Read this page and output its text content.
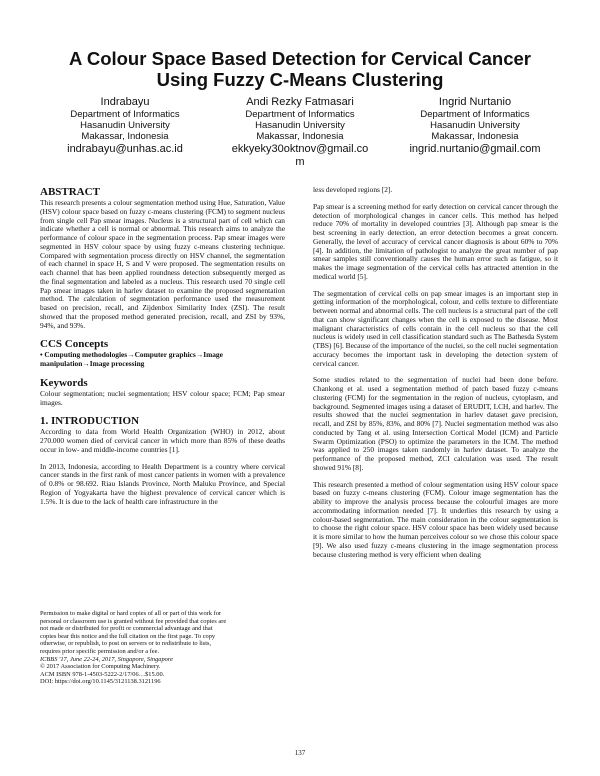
A Colour Space Based Detection for Cervical Cancer
Using Fuzzy C-Means Clustering
Indrabayu
Department of Informatics
Hasanudin University
Makassar, Indonesia
indrabayu@unhas.ac.id
Andi Rezky Fatmasari
Department of Informatics
Hasanudin University
Makassar, Indonesia
ekkyeky30oktnov@gmail.co
m
Ingrid Nurtanio
Department of Informatics
Hasanudin University
Makassar, Indonesia
ingrid.nurtanio@gmail.com
ABSTRACT

This research presents a colour segmentation method using Hue, Saturation, Value (HSV) colour space based on fuzzy c-means clustering (FCM) to segment nucleus from single cell Pap smear images. Nucleus is a structural part of cell which can indicate whether a cell is normal or abnormal. This research aims to analyze the performance of colour space in the segmentation process. Pap smear images were segmented in HSV colour space by using fuzzy c-means clustering technique. Compared with segmentation process directly on HSV channel, the segmentation of each channel in space H, S and V were proposed. The segmentation results on each channel that has been applied roundness detection subsequently merged as the final segmentation and labeled as a nucleus. This research used 70 single cell Pap smear images taken in harlev dataset to examine the proposed segmentation method. The calculation of segmentation performance used the measurement based on precision, recall, and Zijdenbox Similarity Index (ZSI). The result showed that the proposed method generated precision, recall, and ZSI by 93%, 94%, and 93%.

CCS Concepts

• Computing methodologies→Computer graphics→Image manipulation→Image processing

Keywords

Colour segmentation; nuclei segmentation; HSV colour space; FCM; Pap smear images.

1. INTRODUCTION

According to data from World Health Organization (WHO) in 2012, about 270.000 women died of cervical cancer in which more than 85% of these deaths occur in low- and middle-income countries [1].

In 2013, Indonesia, according to Health Department is a country where cervical cancer stands in the first rank of most cancer patients in women with a prevalence of 0.8% or 98.692. Riau Islands Province, North Maluku Province, and Special Region of Yogyakarta have the highest prevalence of cervical cancer which is 1.5%. It is due to the lack of health care infrastructure in the

Permission to make digital or hard copies of all or part of this work for
personal or classroom use is granted without fee provided that copies are
not made or distributed for profit or commercial advantage and that
copies bear this notice and the full citation on the first page. To copy
otherwise, or republish, to post on servers or to redistribute to lists,
requires prior specific permission and/or a fee.
ICBBS '17, June 22-24, 2017, Singapore, Singapore
© 2017 Association for Computing Machinery.
ACM ISBN 978-1-4503-5222-2/17/06…$15.00.
DOI: https://doi.org/10.1145/3121138.3121196

less developed regions [2].

Pap smear is a screening method for early detection on cervical cancer through the detection of morphological changes in cancer cells. This method has helped reduce 70% of mortality in developed countries [3]. Although pap smear is the best screening in early detection, an error detection becomes a great concern. Generally, the level of accuracy of cervical cancer diagnosis is about 60% to 70% [4]. In addition, the limitation of pathologist to analyze the great number of pap smear samples still conventionally causes the human error such as fatigue, so it makes the image segmentation of the cervical cells has attracted attention in the medical world [5].

The segmentation of cervical cells on pap smear images is an important step in getting information of the morphological, colour, and cells texture to differentiate between normal and abnormal cells. The cell nucleus is a structural part of the cell that can show significant changes when the cell is exposed to the disease. Most malignant characteristics of cells contain in the cell nucleus so that the cell nucleus is widely used in cell classification standard such as The Bathesda System (TBS) [6]. Because of the importance of the nuclei, so the cell nuclei segmentation accuracy becomes the important task in developing the detection system of cervical cancer.

Some studies related to the segmentation of nuclei had been done before. Chankong et al. used a segmentation method of patch based fuzzy c-means clustering (FCM) for the segmentation in the region of nucleus, cytoplasm, and background. Segmented images using a dataset of ERUDIT, LCH, and harlev. The results showed that the nuclei segmentation in harlev dataset gave precision, recall, and ZSI by 85%, 83%, and 80% [7]. Nuclei segmentation method was also conducted by Tang et al. using Intersection Cortical Model (ICM) and Particle Swarm Optimization (PSO) to optimize the parameters in the ICM. The method was applied to 250 images taken randomly in harlev dataset. To analyze the performance of the proposed method, ZCI calculation was used. The result showed 91% [8].

This research presented a method of colour segmentation using HSV colour space based on fuzzy c-means clustering (FCM). Colour image segmentation has the ability to improve the analysis process because the colourful images are more accommodating information needed [7]. It underlies this research by using a colour-based segmentation. The main consideration in the colour segmentation is to choose the right colour space. HSV colour space has been widely used because it is more similar to how the human perceives colour so we chose this colour space [9]. We also used fuzzy c-means clustering in the image segmentation process because clustering method is very efficient when dealing

137
